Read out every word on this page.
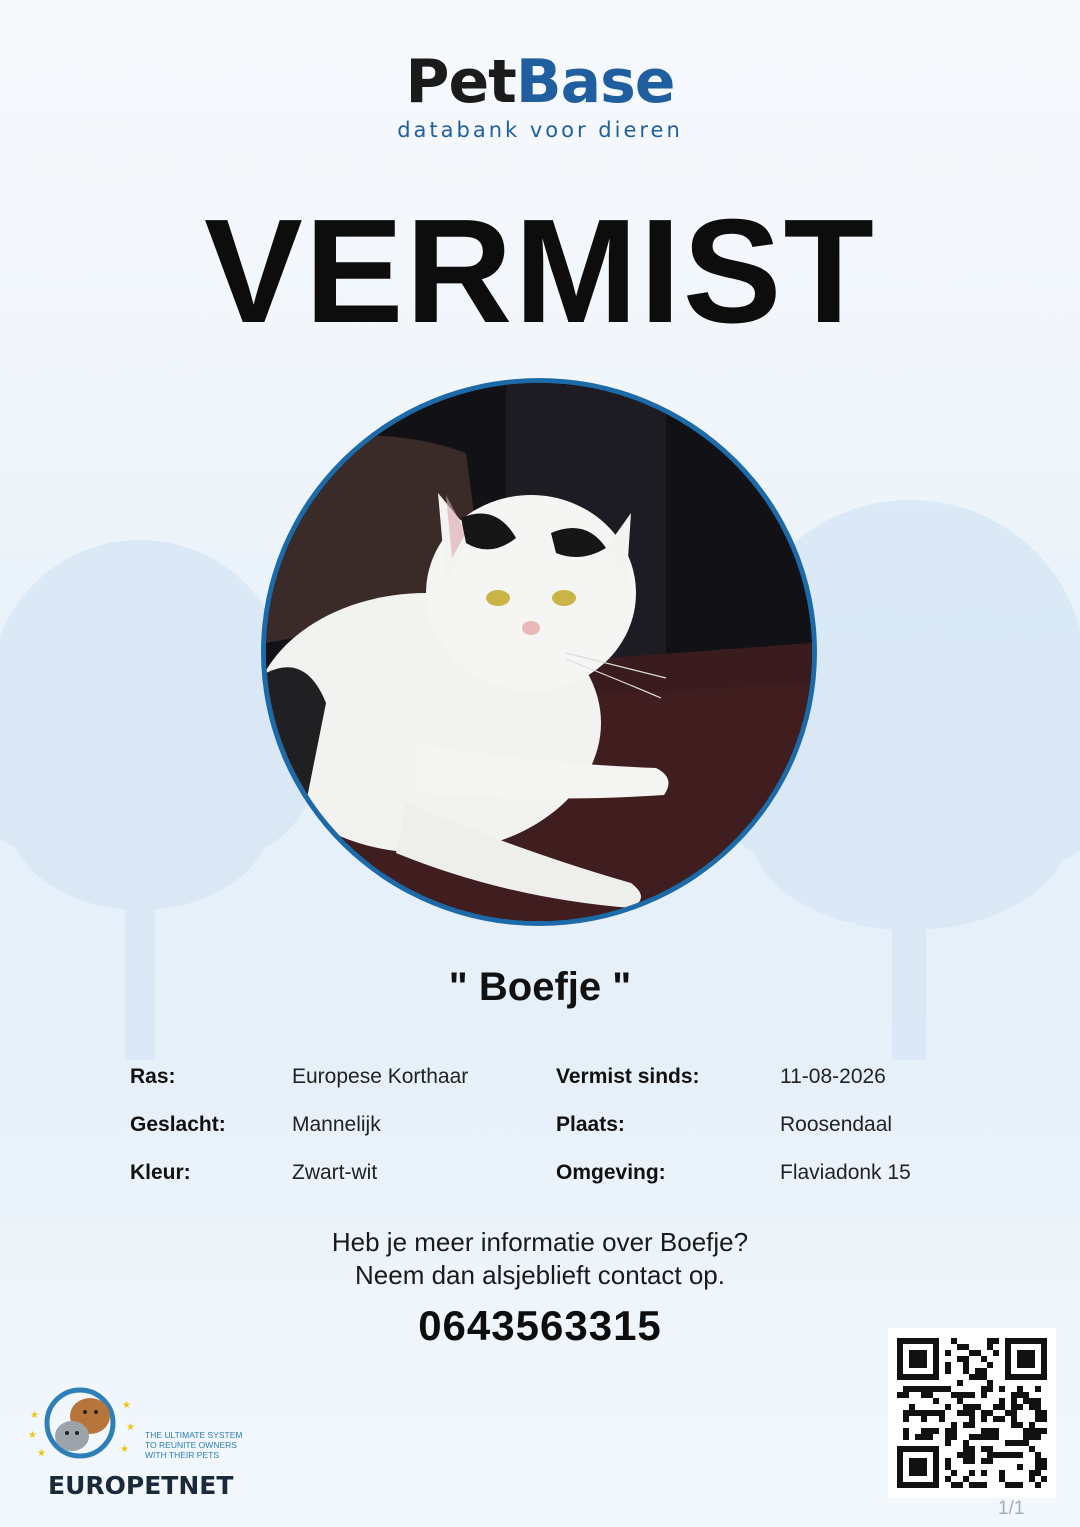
PetBase
databank voor dieren
VERMIST
" Boefje "
Ras:	Europese Korthaar	Vermist sinds:	11-08-2026
Geslacht:	Mannelijk	Plaats:	Roosendaal
Kleur:	Zwart-wit	Omgeving:	Flaviadonk 15
Heb je meer informatie over Boefje?
Neem dan alsjeblieft contact op.
0643563315
★
★
★
★
★
★
THE ULTIMATE SYSTEM
TO REUNITE OWNERS
WITH THEIR PETS
EUROPETNET
1/1
